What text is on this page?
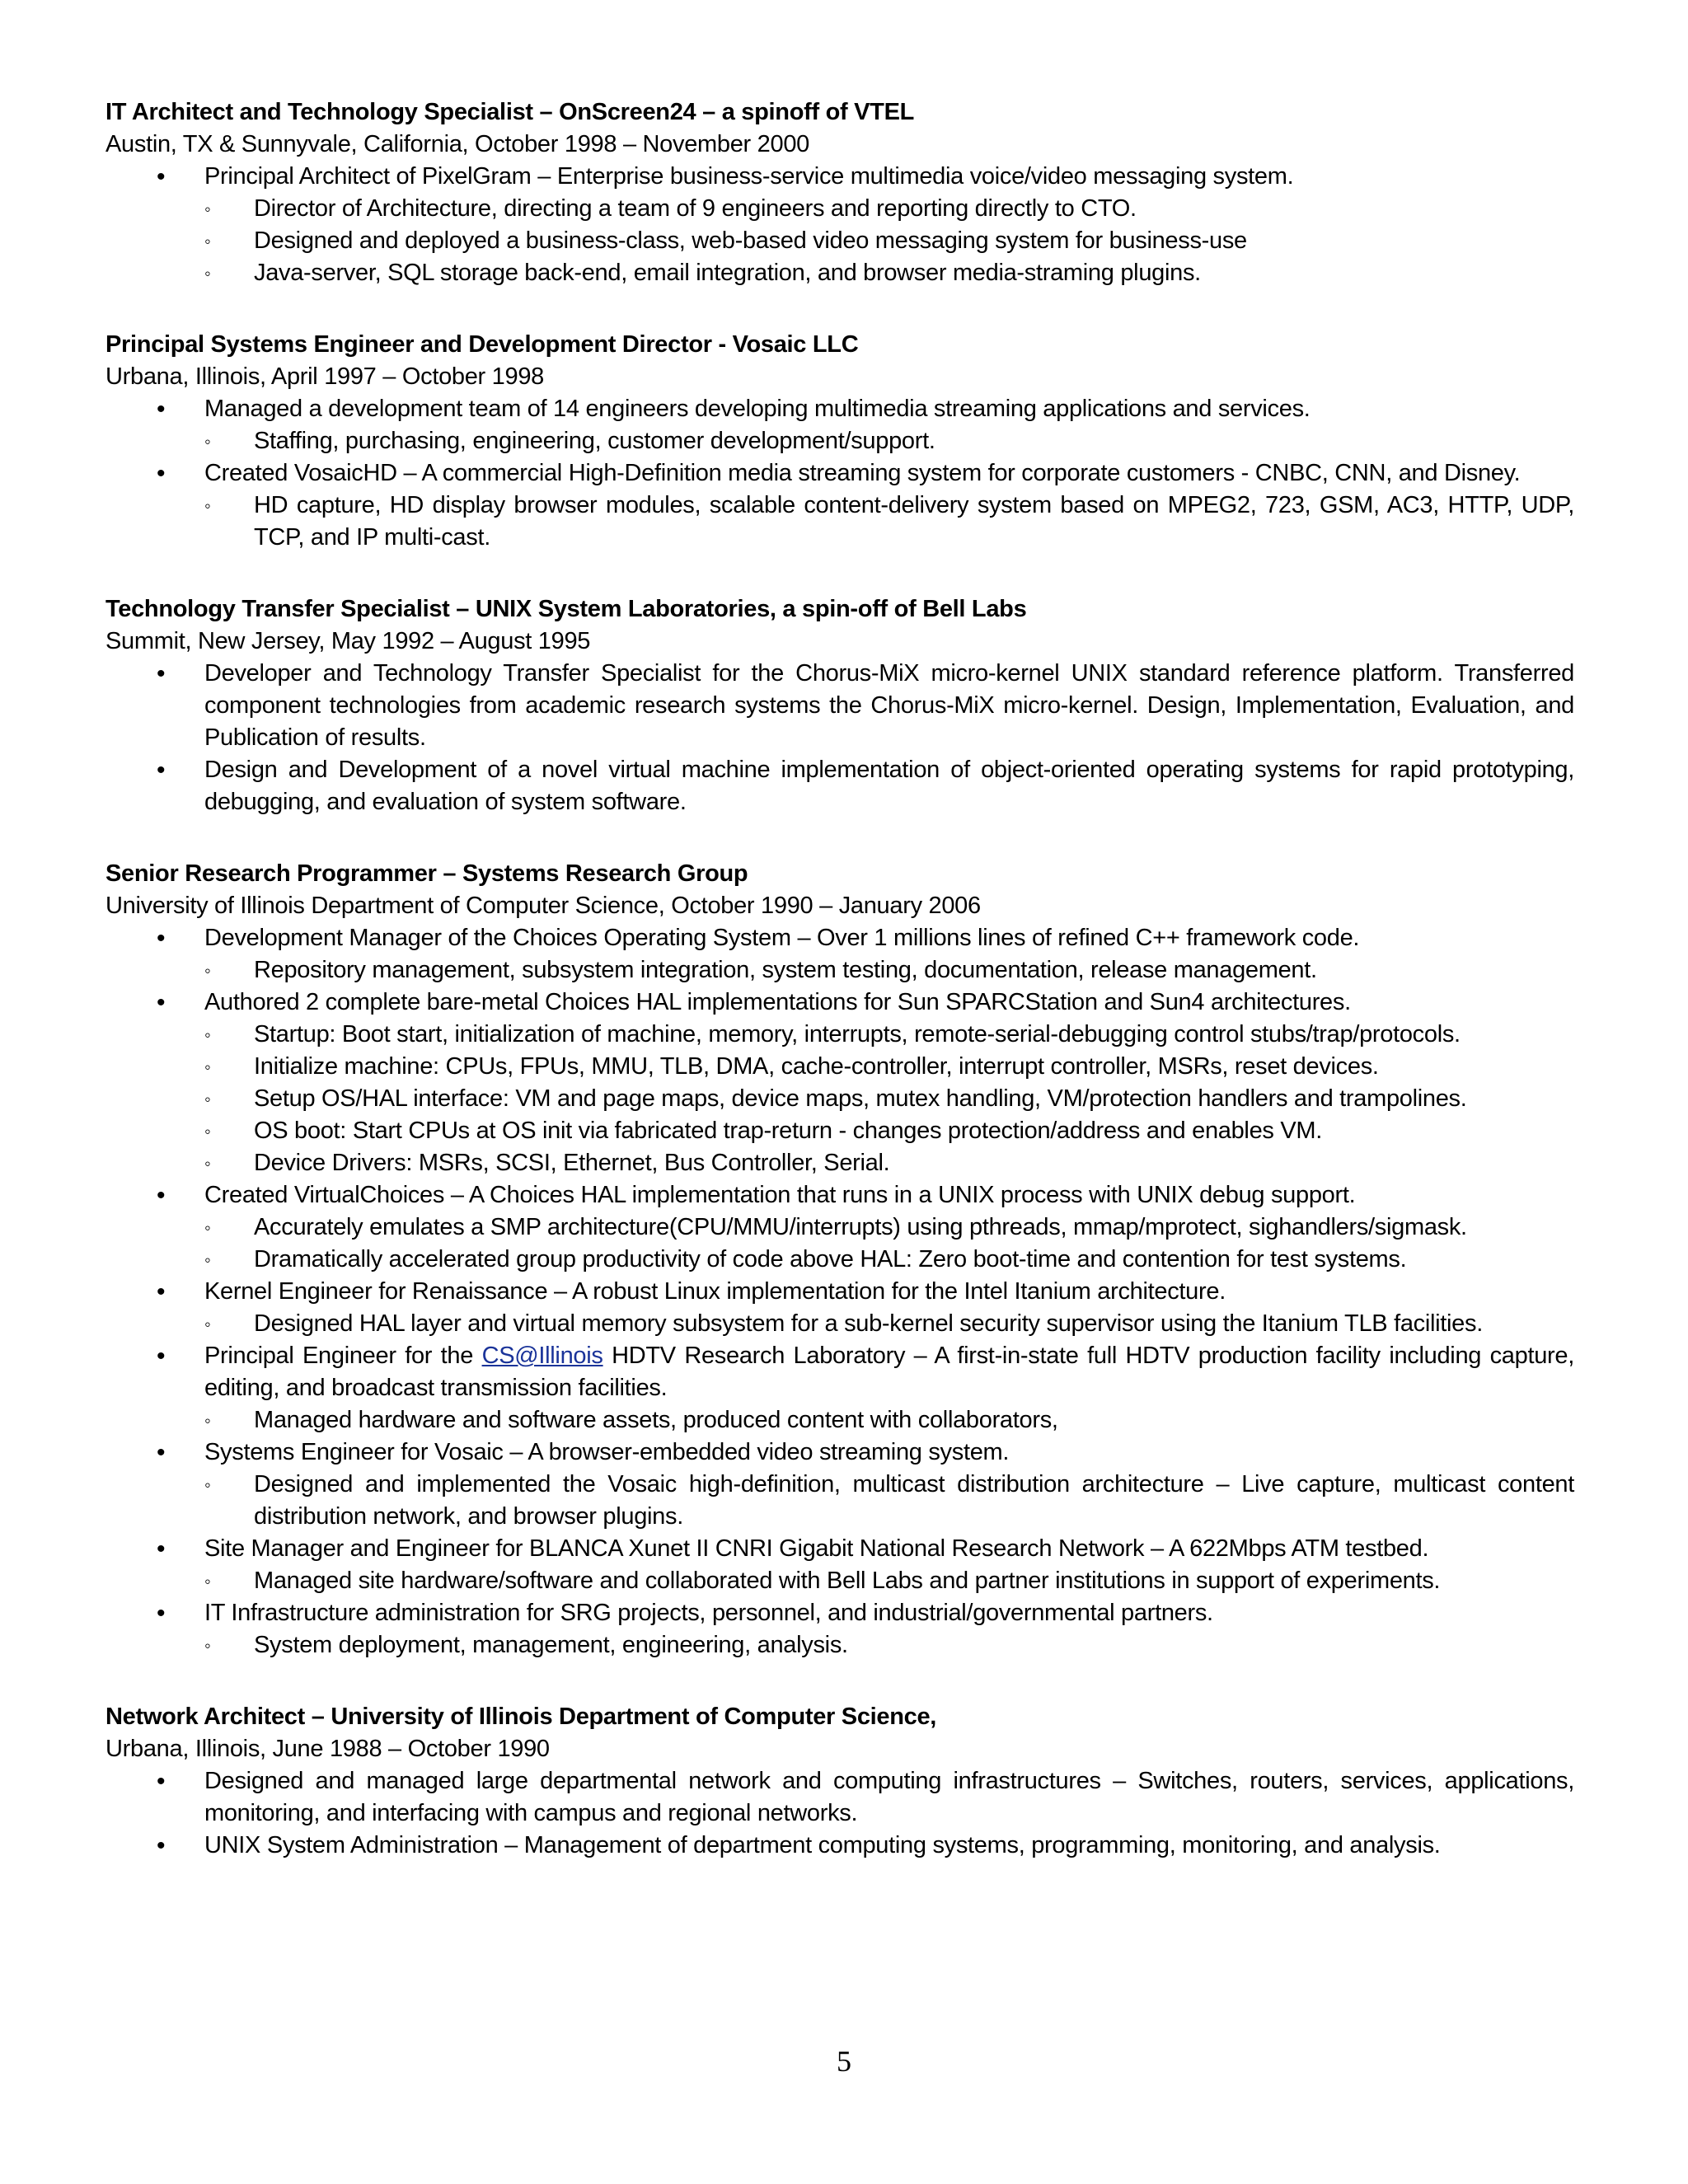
IT Architect and Technology Specialist – OnScreen24 – a spinoff of VTEL
Austin, TX & Sunnyvale, California, October 1998 – November 2000
• Principal Architect of PixelGram – Enterprise business-service multimedia voice/video messaging system.
◦ Director of Architecture, directing a team of 9 engineers and reporting directly to CTO.
◦ Designed and deployed a business-class, web-based video messaging system for business-use
◦ Java-server, SQL storage back-end, email integration, and browser media-straming plugins.
Principal Systems Engineer and Development Director - Vosaic LLC
Urbana, Illinois, April 1997 – October 1998
• Managed a development team of 14 engineers developing multimedia streaming applications and services.
◦ Staffing, purchasing, engineering, customer development/support.
• Created VosaicHD – A commercial High-Definition media streaming system for corporate customers - CNBC, CNN, and Disney.
◦ HD capture, HD display browser modules, scalable content-delivery system based on MPEG2, 723, GSM, AC3, HTTP, UDP, TCP, and IP multi-cast.
Technology Transfer Specialist – UNIX System Laboratories, a spin-off of Bell Labs
Summit, New Jersey, May 1992 – August 1995
• Developer and Technology Transfer Specialist for the Chorus-MiX micro-kernel UNIX standard reference platform. Transferred component technologies from academic research systems the Chorus-MiX micro-kernel. Design, Implementation, Evaluation, and Publication of results.
• Design and Development of a novel virtual machine implementation of object-oriented operating systems for rapid prototyping, debugging, and evaluation of system software.
Senior Research Programmer – Systems Research Group
University of Illinois Department of Computer Science, October 1990 – January 2006
• Development Manager of the Choices Operating System – Over 1 millions lines of refined C++ framework code.
◦ Repository management, subsystem integration, system testing, documentation, release management.
• Authored 2 complete bare-metal Choices HAL implementations for Sun SPARCStation and Sun4 architectures.
◦ Startup: Boot start, initialization of machine, memory, interrupts, remote-serial-debugging control stubs/trap/protocols.
◦ Initialize machine: CPUs, FPUs, MMU, TLB, DMA, cache-controller, interrupt controller, MSRs, reset devices.
◦ Setup OS/HAL interface: VM and page maps, device maps, mutex handling, VM/protection handlers and trampolines.
◦ OS boot: Start CPUs at OS init via fabricated trap-return - changes protection/address and enables VM.
◦ Device Drivers: MSRs, SCSI, Ethernet, Bus Controller, Serial.
• Created VirtualChoices – A Choices HAL implementation that runs in a UNIX process with UNIX debug support.
◦ Accurately emulates a SMP architecture(CPU/MMU/interrupts) using pthreads, mmap/mprotect, sighandlers/sigmask.
◦ Dramatically accelerated group productivity of code above HAL: Zero boot-time and contention for test systems.
• Kernel Engineer for Renaissance – A robust Linux implementation for the Intel Itanium architecture.
◦ Designed HAL layer and virtual memory subsystem for a sub-kernel security supervisor using the Itanium TLB facilities.
• Principal Engineer for the CS@Illinois HDTV Research Laboratory – A first-in-state full HDTV production facility including capture, editing, and broadcast transmission facilities.
◦ Managed hardware and software assets, produced content with collaborators,
• Systems Engineer for Vosaic – A browser-embedded video streaming system.
◦ Designed and implemented the Vosaic high-definition, multicast distribution architecture – Live capture, multicast content distribution network, and browser plugins.
• Site Manager and Engineer for BLANCA Xunet II CNRI Gigabit National Research Network – A 622Mbps ATM testbed.
◦ Managed site hardware/software and collaborated with Bell Labs and partner institutions in support of experiments.
• IT Infrastructure administration for SRG projects, personnel, and industrial/governmental partners.
◦ System deployment, management, engineering, analysis.
Network Architect – University of Illinois Department of Computer Science,
Urbana, Illinois, June 1988 – October 1990
• Designed and managed large departmental network and computing infrastructures – Switches, routers, services, applications, monitoring, and interfacing with campus and regional networks.
• UNIX System Administration – Management of department computing systems, programming, monitoring, and analysis.
5
